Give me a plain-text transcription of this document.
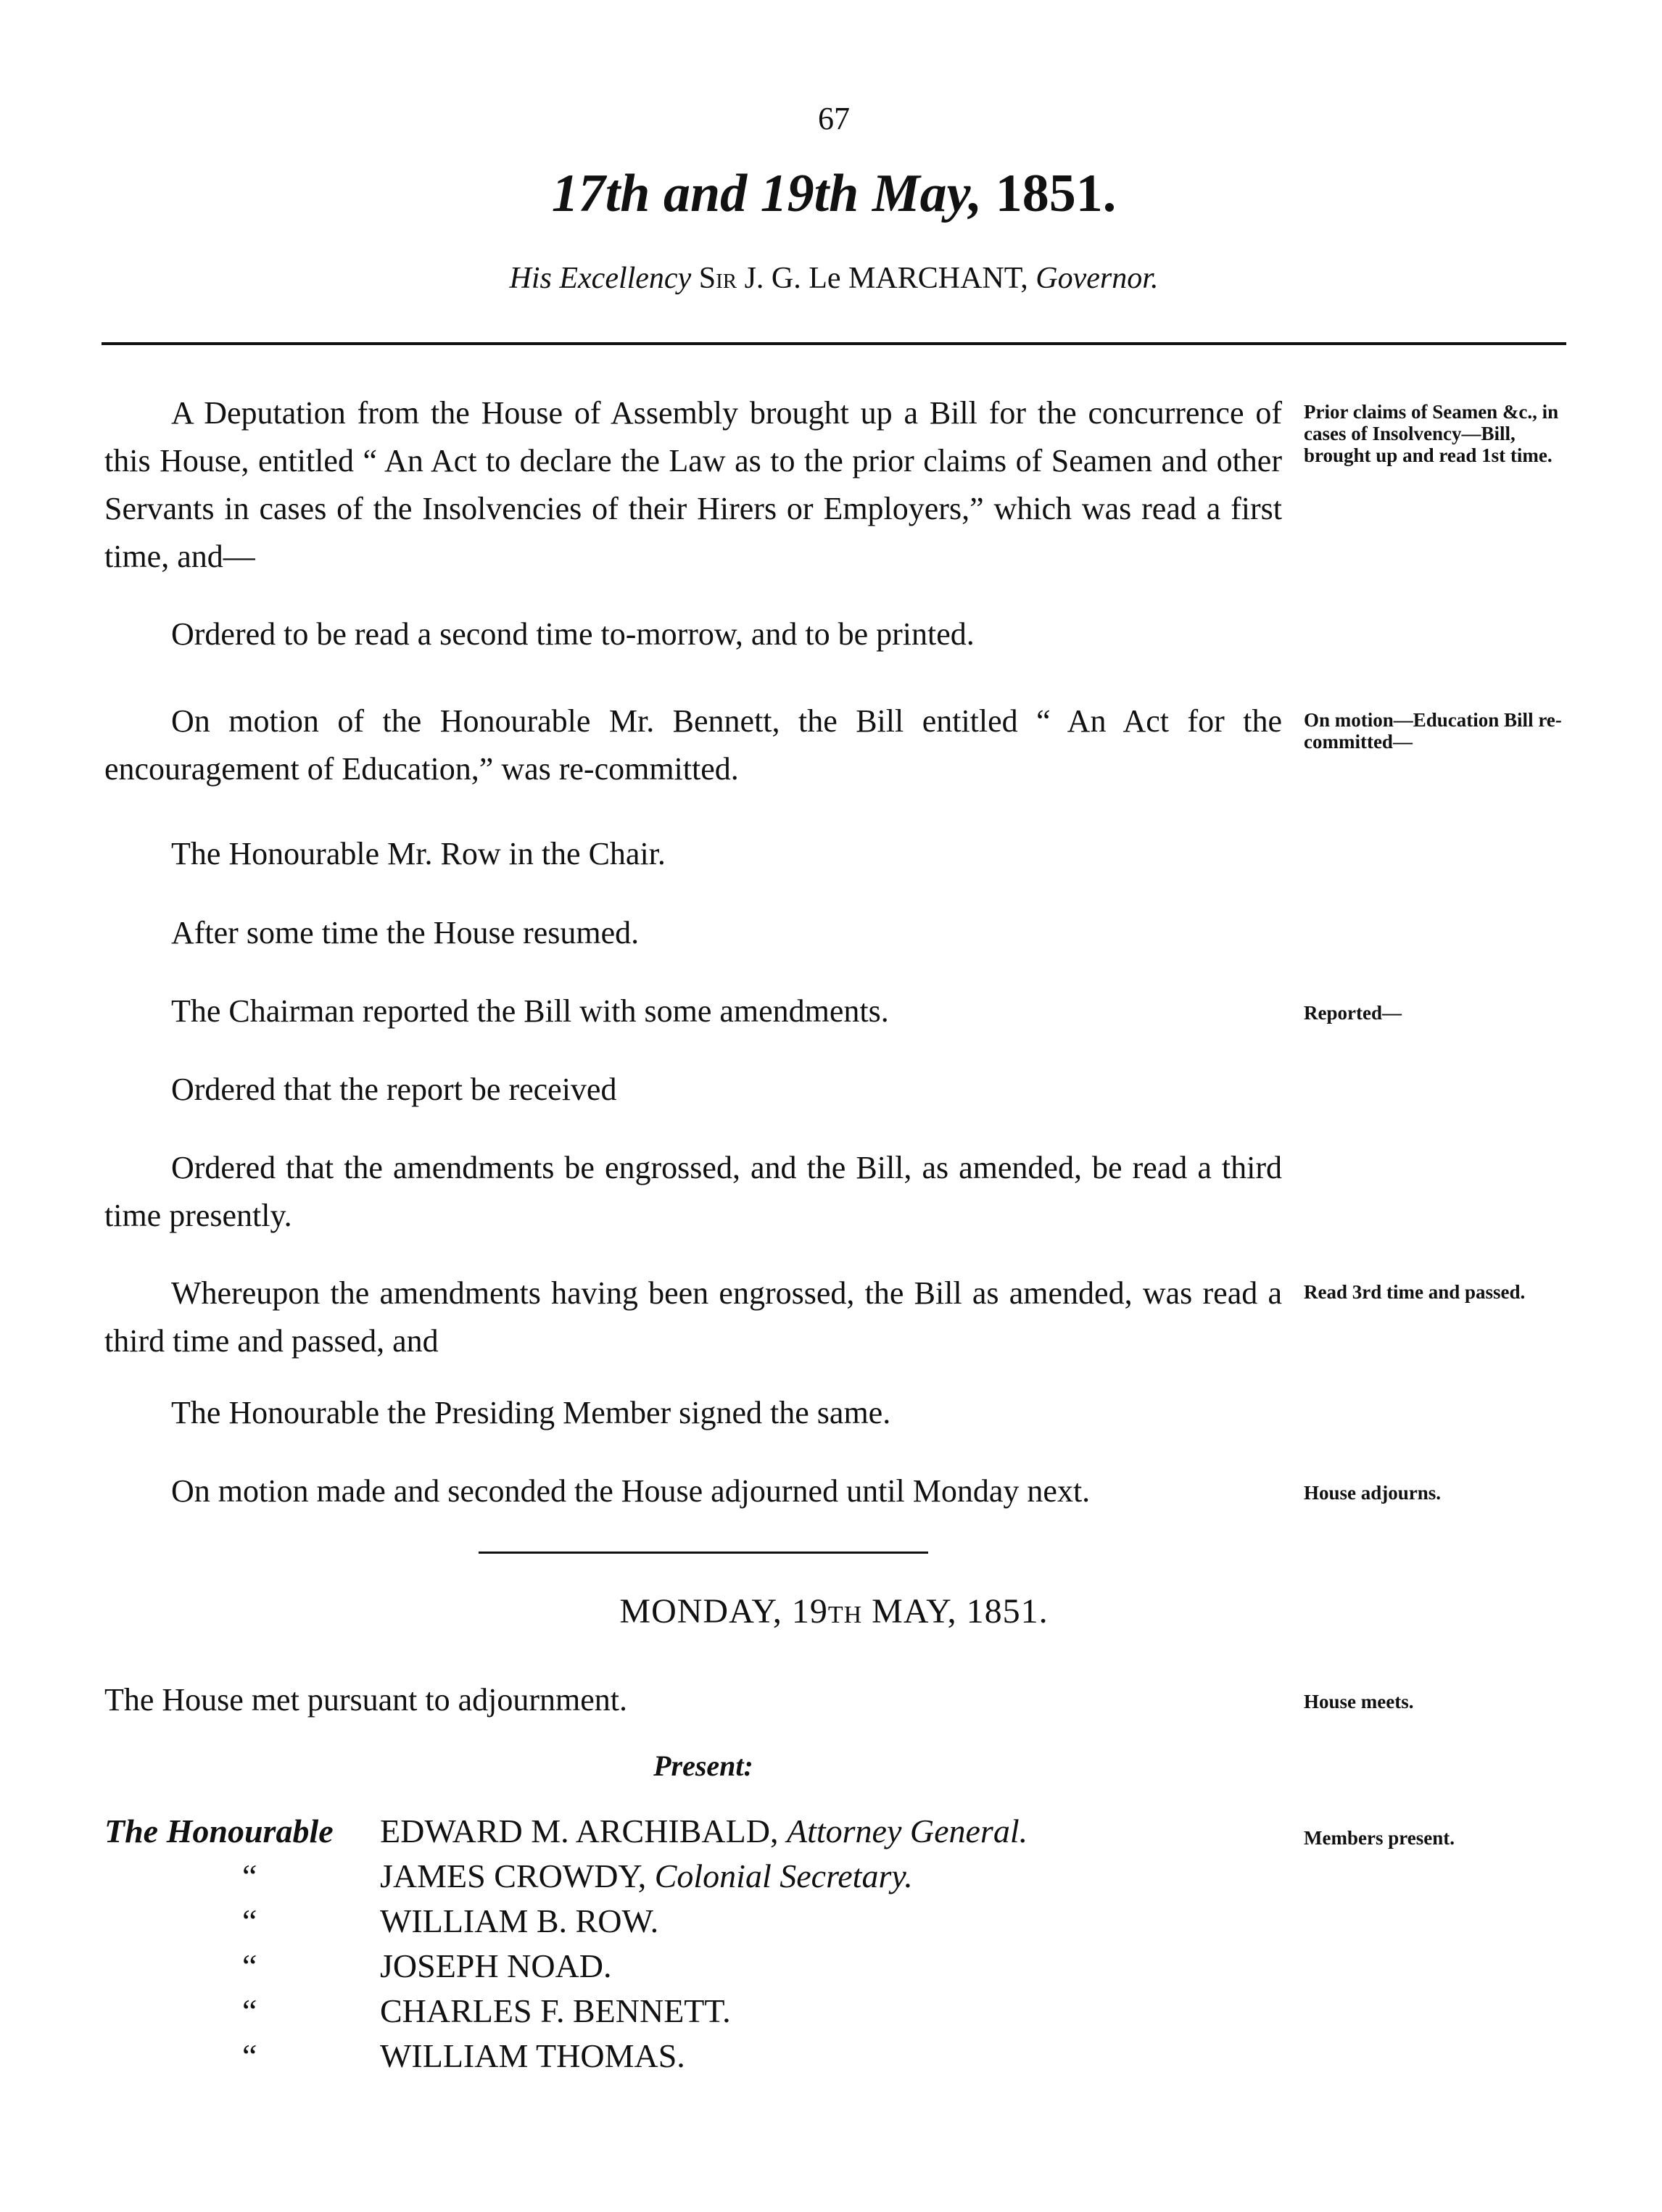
67
17th and 19th May, 1851.
His Excellency Sir J. G. Le MARCHANT, Governor.
A Deputation from the House of Assembly brought up a Bill for the concurrence of this House, entitled “ An Act to declare the Law as to the prior claims of Seamen and other Servants in cases of the Insolvencies of their Hirers or Employers,” which was read a first time, and—
Prior claims of Seamen &c., in cases of Insolvency—Bill, brought up and read 1st time.
Ordered to be read a second time to-morrow, and to be printed.
On motion of the Honourable Mr. Bennett, the Bill entitled “ An Act for the encouragement of Education,” was re-committed.
On motion—Education Bill re-committed—
The Honourable Mr. Row in the Chair.
After some time the House resumed.
The Chairman reported the Bill with some amendments.	Reported—
Ordered that the report be received
Ordered that the amendments be engrossed, and the Bill, as amended, be read a third time presently.
Whereupon the amendments having been engrossed, the Bill as amended, was read a third time and passed, and
Read 3rd time and passed.
The Honourable the Presiding Member signed the same.
On motion made and seconded the House adjourned until Monday next.	House adjourns.
MONDAY, 19TH MAY, 1851.
The House met pursuant to adjournment.	House meets.
Present:
The Honourable	EDWARD M. ARCHIBALD, Attorney General.
“	JAMES CROWDY, Colonial Secretary.
“	WILLIAM B. ROW.
“	JOSEPH NOAD.
“	CHARLES F. BENNETT.
“	WILLIAM THOMAS.
Members present.
